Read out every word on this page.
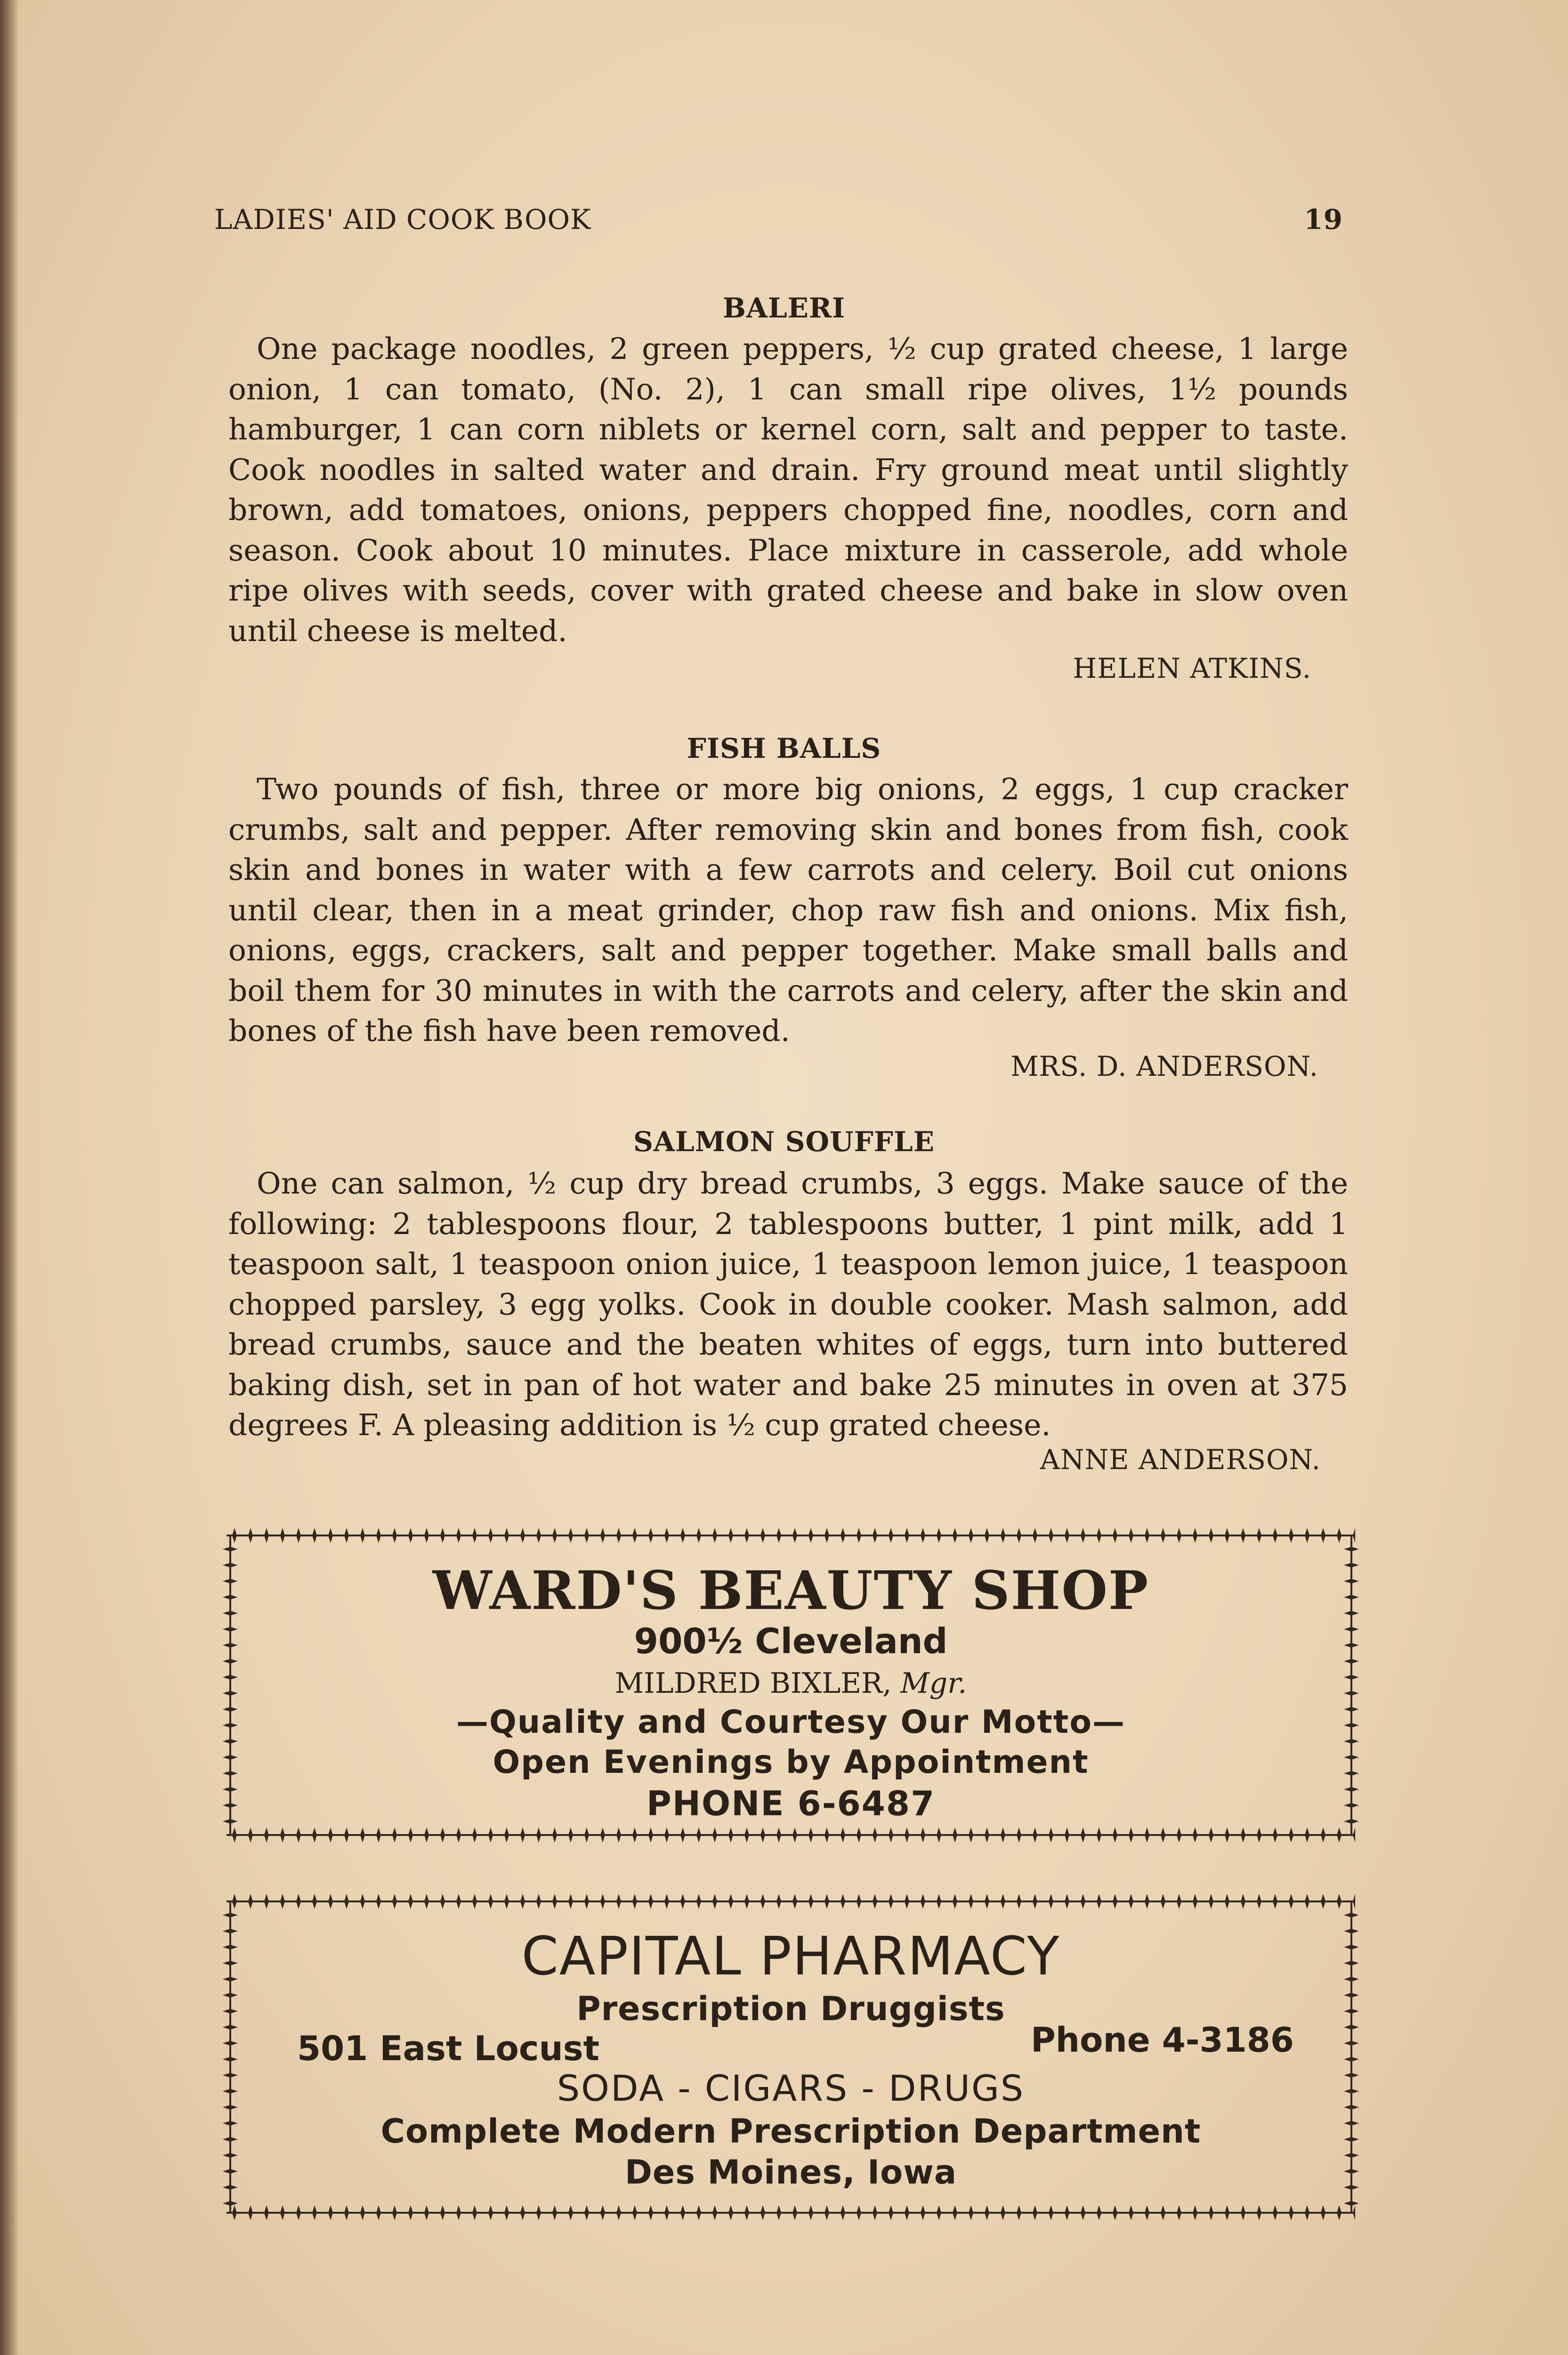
LADIES' AID COOK BOOK	19
BALERI
One package noodles, 2 green peppers, ½ cup grated cheese, 1 large onion, 1 can tomato, (No. 2), 1 can small ripe olives, 1½ pounds hamburger, 1 can corn niblets or kernel corn, salt and pepper to taste. Cook noodles in salted water and drain. Fry ground meat until slightly brown, add tomatoes, onions, peppers chopped fine, noodles, corn and season. Cook about 10 minutes. Place mixture in casserole, add whole ripe olives with seeds, cover with grated cheese and bake in slow oven until cheese is melted.
HELEN ATKINS.
FISH BALLS
Two pounds of fish, three or more big onions, 2 eggs, 1 cup cracker crumbs, salt and pepper. After removing skin and bones from fish, cook skin and bones in water with a few carrots and celery. Boil cut onions until clear, then in a meat grinder, chop raw fish and onions. Mix fish, onions, eggs, crackers, salt and pepper together. Make small balls and boil them for 30 minutes in with the carrots and celery, after the skin and bones of the fish have been removed.
MRS. D. ANDERSON.
SALMON SOUFFLE
One can salmon, ½ cup dry bread crumbs, 3 eggs. Make sauce of the following: 2 tablespoons flour, 2 tablespoons butter, 1 pint milk, add 1 teaspoon salt, 1 teaspoon onion juice, 1 teaspoon lemon juice, 1 teaspoon chopped parsley, 3 egg yolks. Cook in double cooker. Mash salmon, add bread crumbs, sauce and the beaten whites of eggs, turn into buttered baking dish, set in pan of hot water and bake 25 minutes in oven at 375 degrees F. A pleasing addition is ½ cup grated cheese.
ANNE ANDERSON.
WARD'S BEAUTY SHOP
900½ Cleveland
MILDRED BIXLER, Mgr.
—Quality and Courtesy Our Motto—
Open Evenings by Appointment
PHONE 6-6487
CAPITAL PHARMACY
Prescription Druggists
501 East Locust	Phone 4-3186
SODA - CIGARS - DRUGS
Complete Modern Prescription Department
Des Moines, Iowa
